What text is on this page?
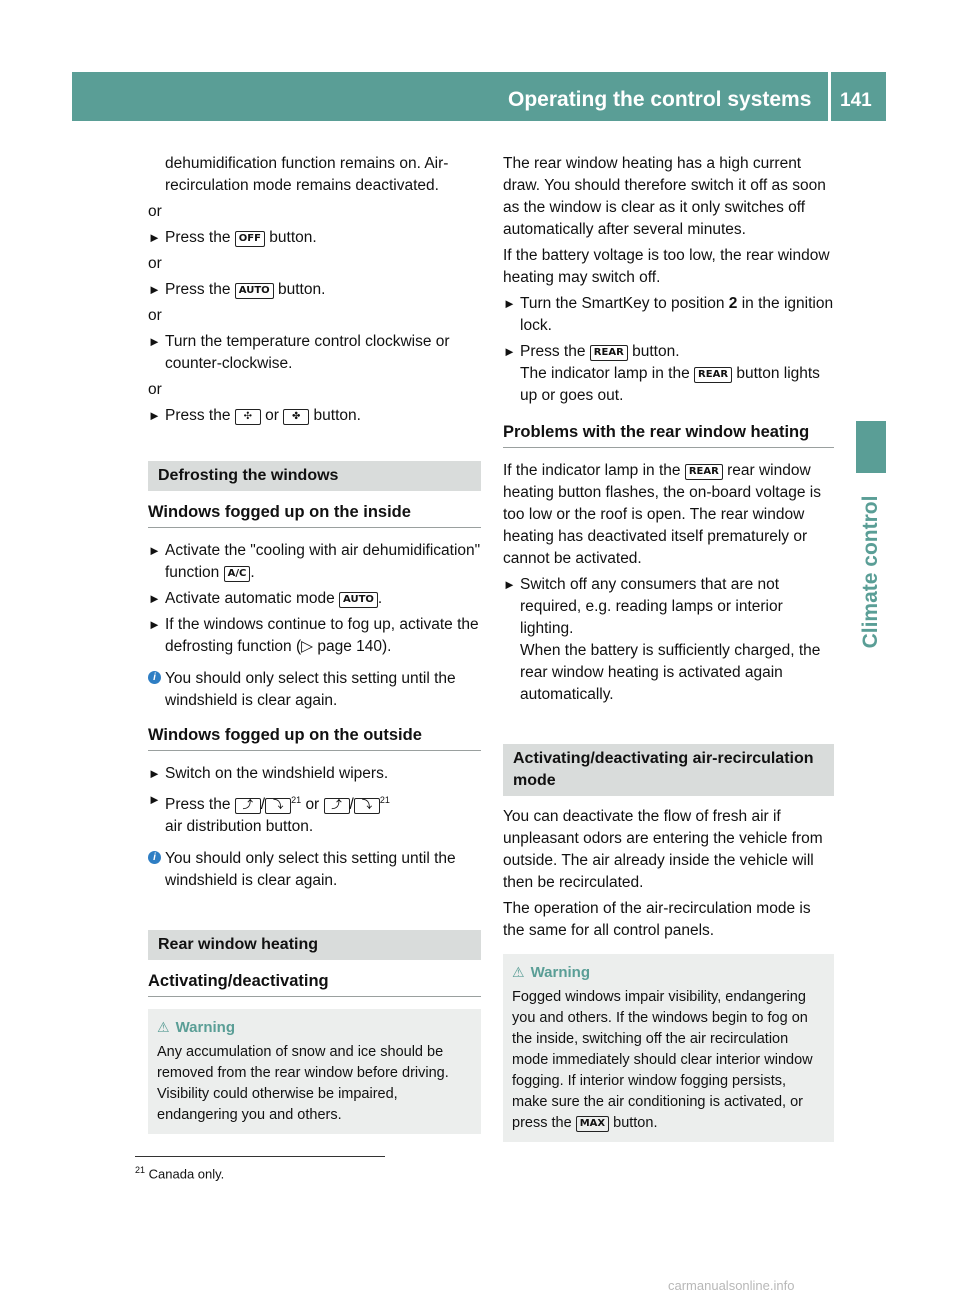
Operating the control systems 141
Climate control

dehumidification function remains on. Air-recirculation mode remains deactivated.

or
► Press the OFF button.
or
► Press the AUTO button.
or
► Turn the temperature control clockwise or counter-clockwise.
or
► Press the ✣ or ✤ button.
Defrosting the windows
Windows fogged up on the inside
► Activate the "cooling with air dehumidification" function A/C .
► Activate automatic mode AUTO .
► If the windows continue to fog up, activate the defrosting function (▷ page 140).
i You should only select this setting until the windshield is clear again.
Windows fogged up on the outside
► Switch on the windshield wipers.
► Press the ⤴ / ⤵$^{21}$ or ⤴ / ⤵$^{21}$
air distribution button.
i You should only select this setting until the windshield is clear again.
Rear window heating
Activating/deactivating
⚠ Warning
Any accumulation of snow and ice should be removed from the rear window before driving. Visibility could otherwise be impaired, endangering you and others.

The rear window heating has a high current draw. You should therefore switch it off as soon as the window is clear as it only switches off automatically after several minutes.

If the battery voltage is too low, the rear window heating may switch off.

► Turn the SmartKey to position 2 in the ignition lock.
► Press the REAR button.
The indicator lamp in the REAR button lights up or goes out.
Problems with the rear window heating

If the indicator lamp in the REAR rear window heating button flashes, the on-board voltage is too low or the roof is open. The rear window heating has deactivated itself prematurely or cannot be activated.

► Switch off any consumers that are not required, e.g. reading lamps or interior lighting.
When the battery is sufficiently charged, the rear window heating is activated again automatically.
Activating/deactivating air-recirculation mode

You can deactivate the flow of fresh air if unpleasant odors are entering the vehicle from outside. The air already inside the vehicle will then be recirculated.

The operation of the air-recirculation mode is the same for all control panels.

⚠ Warning
Fogged windows impair visibility, endangering you and others. If the windows begin to fog on the inside, switching off the air recirculation mode immediately should clear interior window fogging. If interior window fogging persists, make sure the air conditioning is activated, or press the MAX button.
$^{21}$ Canada only.
carmanualsonline.info
